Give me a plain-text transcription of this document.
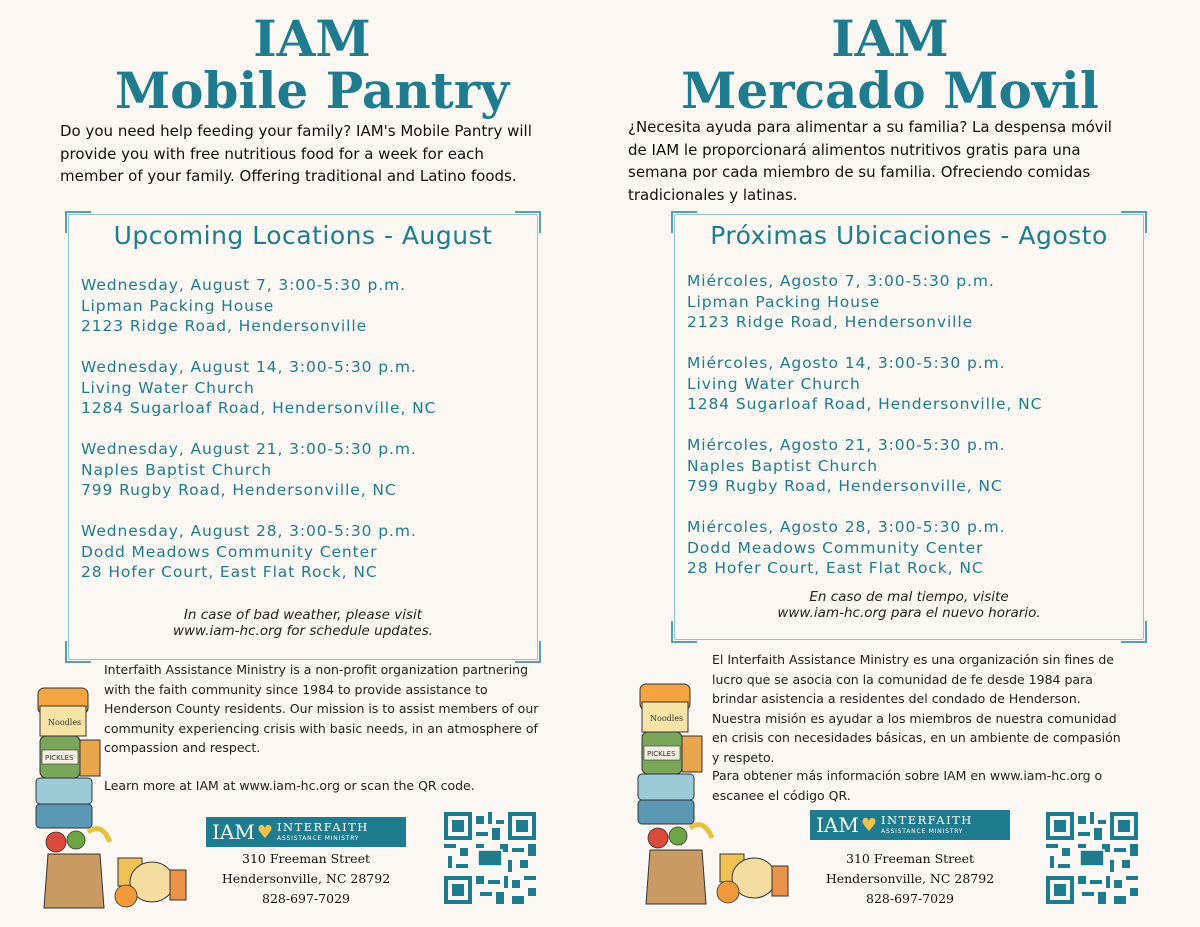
IAM
Mobile Pantry

Do you need help feeding your family? IAM's Mobile Pantry will provide you with free nutritious food for a week for each member of your family. Offering traditional and Latino foods.

Upcoming Locations - August
Wednesday, August 7, 3:00-5:30 p.m.
Lipman Packing House
2123 Ridge Road, Hendersonville
Wednesday, August 14, 3:00-5:30 p.m.
Living Water Church
1284 Sugarloaf Road, Hendersonville, NC
Wednesday, August 21, 3:00-5:30 p.m.
Naples Baptist Church
799 Rugby Road, Hendersonville, NC
Wednesday, August 28, 3:00-5:30 p.m.
Dodd Meadows Community Center
28 Hofer Court, East Flat Rock, NC
In case of bad weather, please visit
www.iam-hc.org for schedule updates.
Noodles
PICKLES

Interfaith Assistance Ministry is a non-profit organization partnering with the faith community since 1984 to provide assistance to Henderson County residents. Our mission is to assist members of our community experiencing crisis with basic needs, in an atmosphere of compassion and respect.

Learn more at IAM at www.iam-hc.org or scan the QR code.

IAM ♥ INTERFAITH
ASSISTANCE MINISTRY
310 Freeman Street
Hendersonville, NC 28792
828-697-7029
IAM
Mercado Movil

¿Necesita ayuda para alimentar a su familia? La despensa móvil de IAM le proporcionará alimentos nutritivos gratis para una semana por cada miembro de su familia. Ofreciendo comidas tradicionales y latinas.

Próximas Ubicaciones - Agosto
Miércoles, Agosto 7, 3:00-5:30 p.m.
Lipman Packing House
2123 Ridge Road, Hendersonville
Miércoles, Agosto 14, 3:00-5:30 p.m.
Living Water Church
1284 Sugarloaf Road, Hendersonville, NC
Miércoles, Agosto 21, 3:00-5:30 p.m.
Naples Baptist Church
799 Rugby Road, Hendersonville, NC
Miércoles, Agosto 28, 3:00-5:30 p.m.
Dodd Meadows Community Center
28 Hofer Court, East Flat Rock, NC
En caso de mal tiempo, visite
www.iam-hc.org para el nuevo horario.
Noodles
PICKLES

El Interfaith Assistance Ministry es una organización sin fines de lucro que se asocia con la comunidad de fe desde 1984 para brindar asistencia a residentes del condado de Henderson. Nuestra misión es ayudar a los miembros de nuestra comunidad en crisis con necesidades básicas, en un ambiente de compasión y respeto.

Para obtener más información sobre IAM en www.iam-hc.org o escanee el código QR.

IAM ♥ INTERFAITH
ASSISTANCE MINISTRY
310 Freeman Street
Hendersonville, NC 28792
828-697-7029
